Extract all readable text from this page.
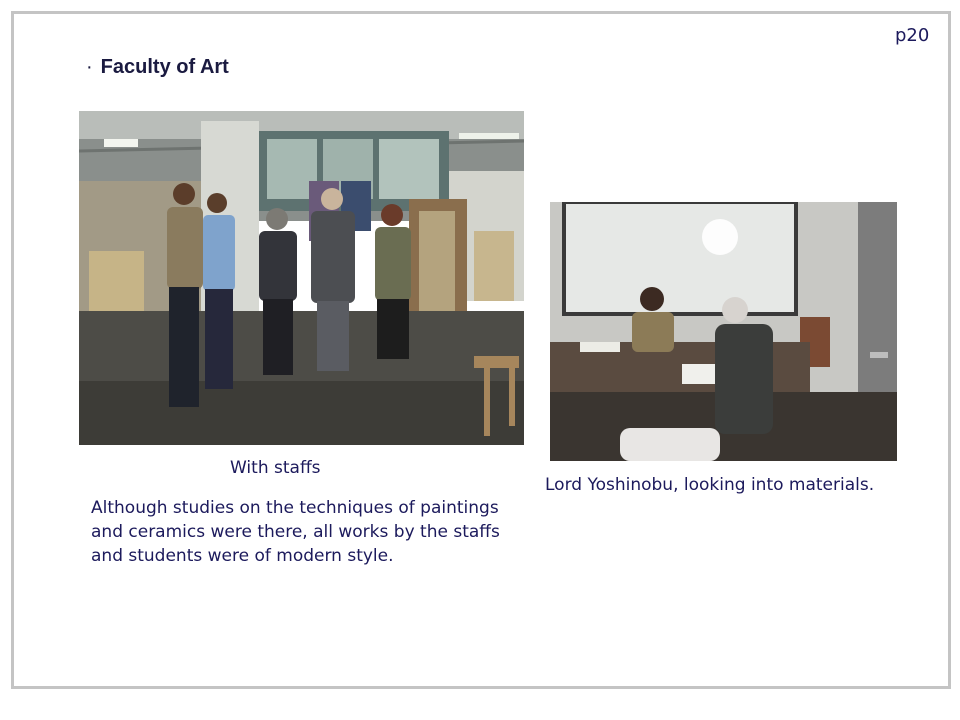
p20
· Faculty of Art
With staffs
Although studies on the techniques of paintings and ceramics were there, all works by the staffs and students were of modern style.
Lord Yoshinobu, looking into materials.
